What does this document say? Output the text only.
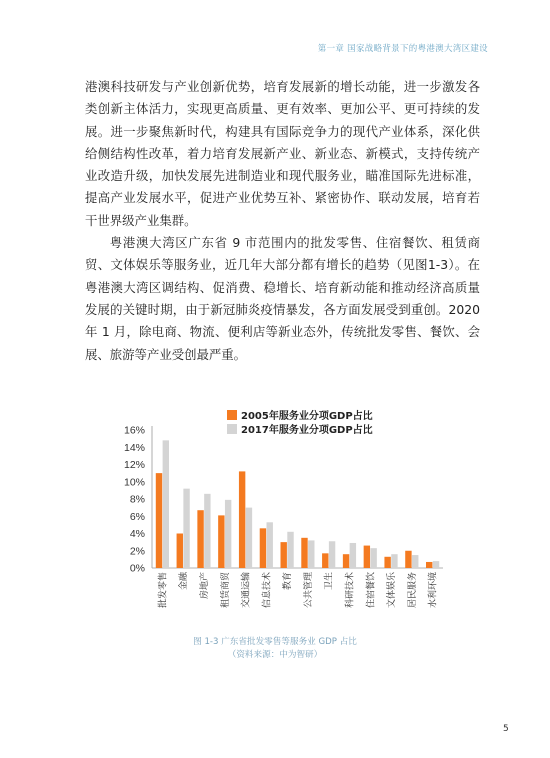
第一章 国家战略背景下的粤港澳大湾区建设

港澳科技研发与产业创新优势，培育发展新的增长动能，进一步激发各类创新主体活力，实现更高质量、更有效率、更加公平、更可持续的发展。进一步聚焦新时代，构建具有国际竞争力的现代产业体系，深化供给侧结构性改革，着力培育发展新产业、新业态、新模式，支持传统产业改造升级，加快发展先进制造业和现代服务业，瞄准国际先进标准，提高产业发展水平，促进产业优势互补、紧密协作、联动发展，培育若干世界级产业集群。

粤港澳大湾区广东省 9 市范围内的批发零售、住宿餐饮、租赁商贸、文体娱乐等服务业，近几年大部分都有增长的趋势（见图1-3）。在粤港澳大湾区调结构、促消费、稳增长、培育新动能和推动经济高质量发展的关键时期，由于新冠肺炎疫情暴发，各方面发展受到重创。2020 年 1 月，除电商、物流、便利店等新业态外，传统批发零售、餐饮、会展、旅游等产业受创最严重。

0%
2%
4%
6%
8%
10%
12%
14%
16%
批发零售 金融 房地产 租赁商贸 交通运输 信息技术 教育 公共管理 卫生 科研技术 住宿餐饮 文体娱乐 居民服务 水利环境
2005年服务业分项GDP占比
2017年服务业分项GDP占比
图 1-3 广东省批发零售等服务业 GDP 占比
（资料来源：中为智研）
5
